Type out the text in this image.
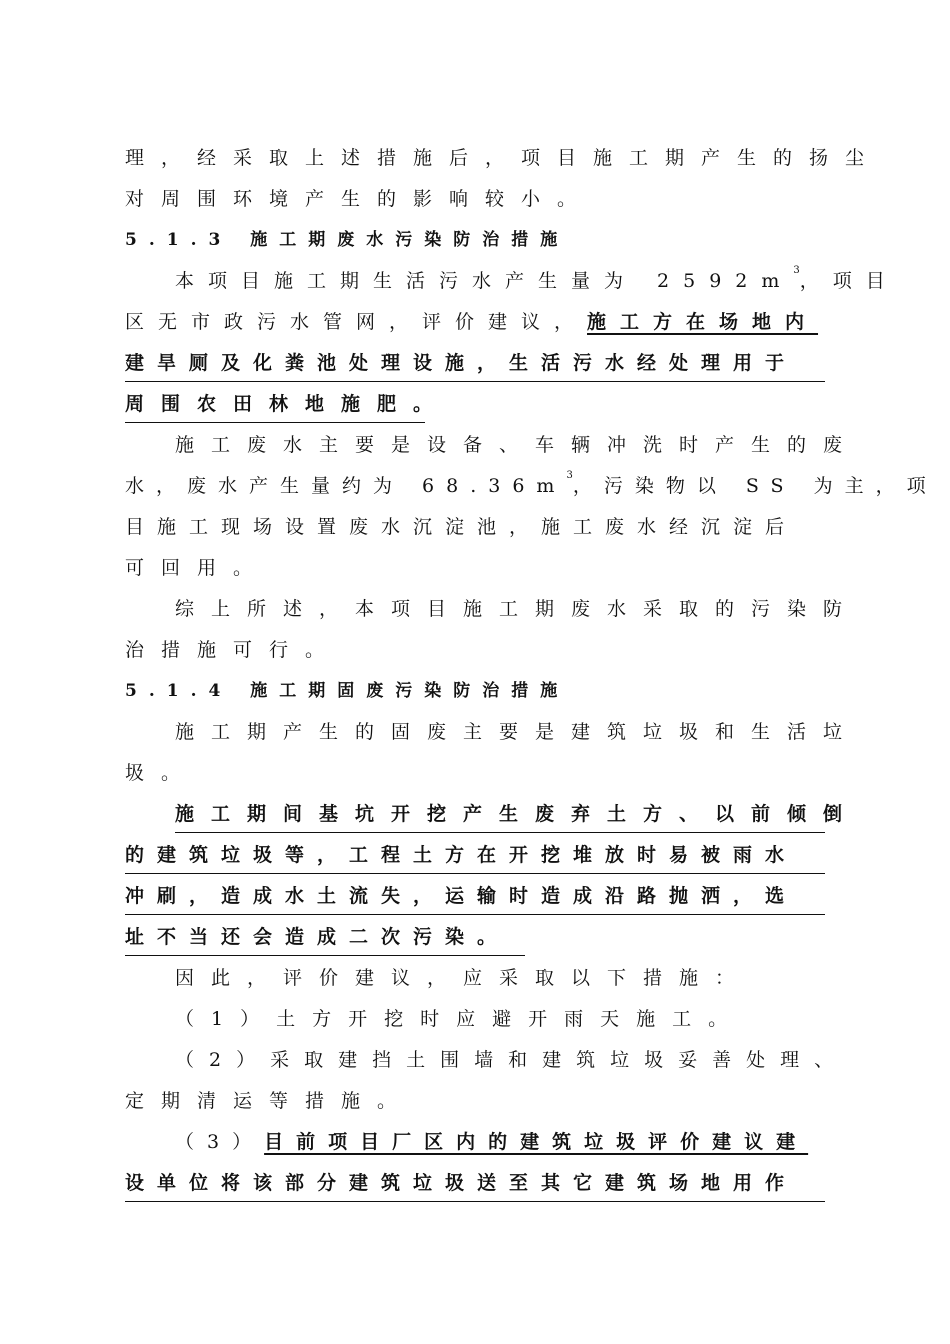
理，经采取上述措施后，项目施工期产生的扬尘
对周围环境产生的影响较小。
5.1.3 施工期废水污染防治措施
本项目施工期生活污水产生量为 $2592m^3$，项目
区无市政污水管网，评价建议，施工方在场地内
建旱厕及化粪池处理设施，生活污水经处理用于
周围农田林地施肥。
施工废水主要是设备、车辆冲洗时产生的废
水，废水产生量约为 $68.36m^3$，污染物以 SS 为主，项
目施工现场设置废水沉淀池，施工废水经沉淀后
可回用。
综上所述，本项目施工期废水采取的污染防
治措施可行。
5.1.4 施工期固废污染防治措施
施工期产生的固废主要是建筑垃圾和生活垃
圾。
施工期间基坑开挖产生废弃土方、以前倾倒
的建筑垃圾等，工程土方在开挖堆放时易被雨水
冲刷，造成水土流失，运输时造成沿路抛洒，选
址不当还会造成二次污染。
因此，评价建议，应采取以下措施：
（1）土方开挖时应避开雨天施工。
（2）采取建挡土围墙和建筑垃圾妥善处理、
定期清运等措施。
（3）目前项目厂区内的建筑垃圾评价建议建
设单位将该部分建筑垃圾送至其它建筑场地用作
